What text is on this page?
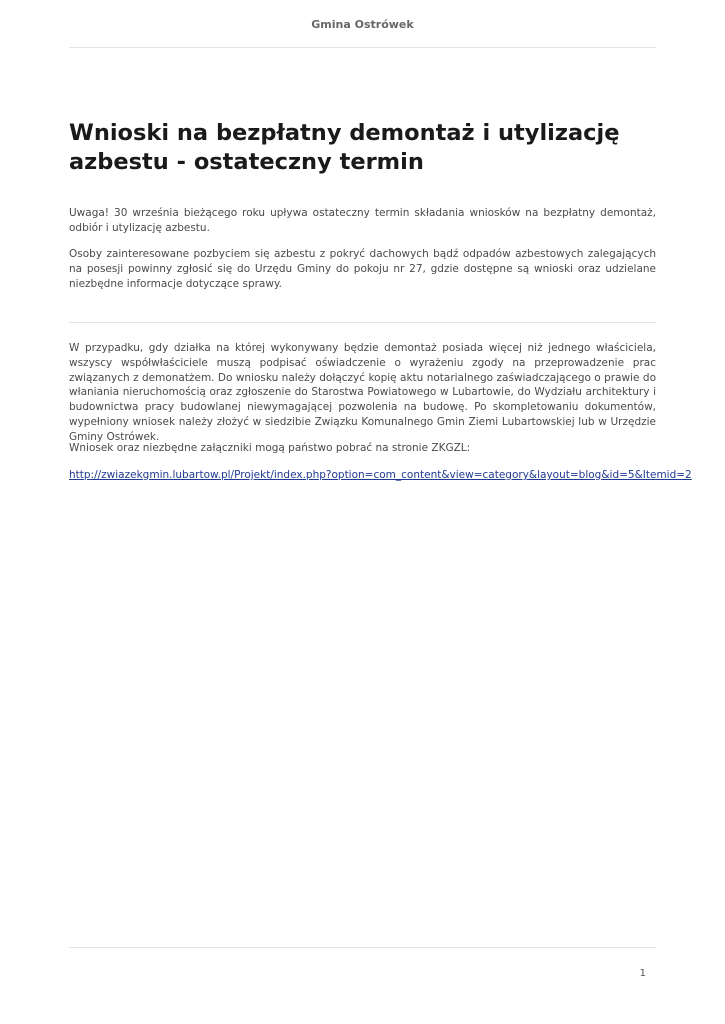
Gmina Ostrówek
Wnioski na bezpłatny demontaż i utylizację azbestu - ostateczny termin

Uwaga! 30 września bieżącego roku upływa ostateczny termin składania wniosków na bezpłatny demontaż, odbiór i utylizację azbestu.

Osoby zainteresowane pozbyciem się azbestu z pokryć dachowych bądź odpadów azbestowych zalegających na posesji powinny zgłosić się do Urzędu Gminy do pokoju nr 27, gdzie dostępne są wnioski oraz udzielane niezbędne informacje dotyczące sprawy.

W przypadku, gdy działka na której wykonywany będzie demontaż posiada więcej niż jednego właściciela, wszyscy współwłaściciele muszą podpisać oświadczenie o wyrażeniu zgody na przeprowadzenie prac związanych z demonatżem. Do wniosku należy dołączyć kopię aktu notarialnego zaświadczającego o prawie do właniania nieruchomością oraz zgłoszenie do Starostwa Powiatowego w Lubartowie, do Wydziału architektury i budownictwa pracy budowlanej niewymagającej pozwolenia na budowę. Po skompletowaniu dokumentów, wypełniony wniosek należy złożyć w siedzibie Związku Komunalnego Gmin Ziemi Lubartowskiej lub w Urzędzie Gminy Ostrówek.

Wniosek oraz niezbędne załączniki mogą państwo pobrać na stronie ZKGZL:

http://zwiazekgmin.lubartow.pl/Projekt/index.php?option=com_content&view=category&layout=blog&id=5&Itemid=2
1
